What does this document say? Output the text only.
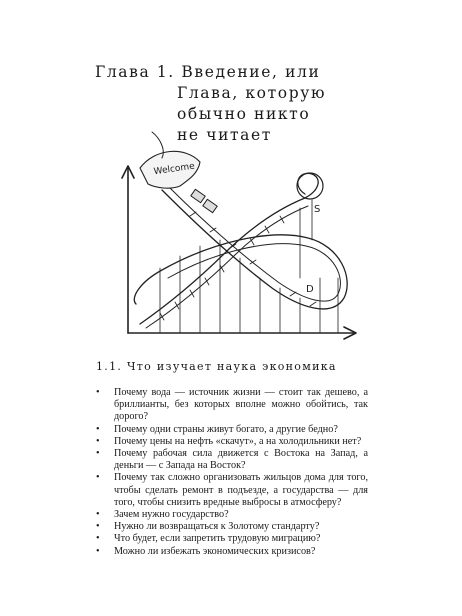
Глава 1. Введение, или
Глава, которую
обычно никто
не читает
Welcome
S
D
1.1. Что изучает наука экономика
• Почему вода — источник жизни — стоит так дешево, а бриллианты, без которых вполне можно обойтись, так дорого?
• Почему одни страны живут богато, а другие бедно?
• Почему цены на нефть «скачут», а на холодильники нет?
• Почему рабочая сила движется с Востока на Запад, а деньги — с Запада на Восток?
• Почему так сложно организовать жильцов дома для того, чтобы сделать ремонт в подъезде, а государства — для того, чтобы снизить вредные выбросы в атмосферу?
• Зачем нужно государство?
• Нужно ли возвращаться к Золотому стандарту?
• Что будет, если запретить трудовую миграцию?
• Можно ли избежать экономических кризисов?
